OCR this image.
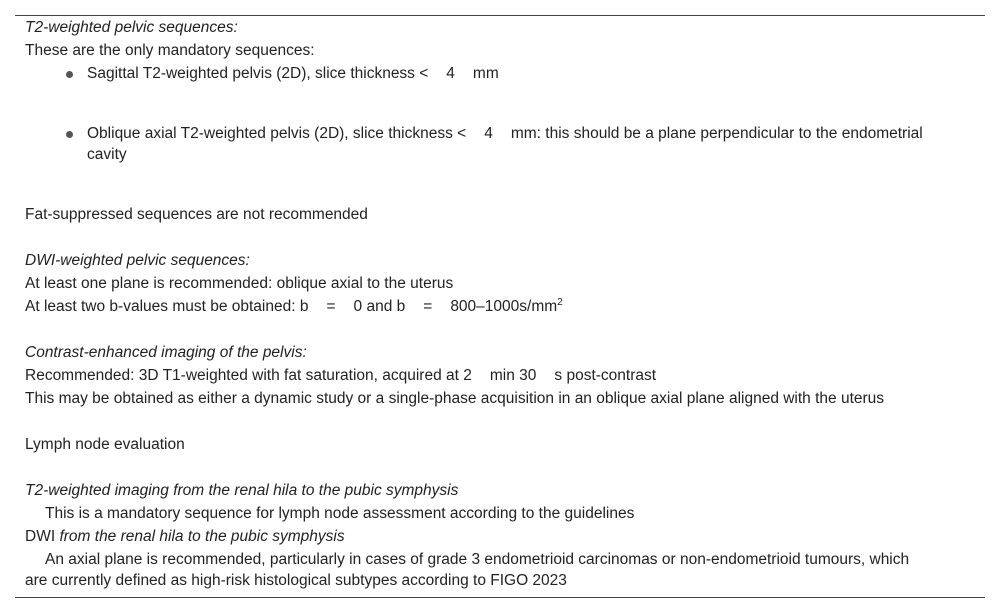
T2-weighted pelvic sequences:
These are the only mandatory sequences:
Sagittal T2-weighted pelvis (2D), slice thickness < 4 mm
Oblique axial T2-weighted pelvis (2D), slice thickness < 4 mm: this should be a plane perpendicular to the endometrial
cavity
Fat-suppressed sequences are not recommended
DWI-weighted pelvic sequences:
At least one plane is recommended: oblique axial to the uterus
At least two b-values must be obtained: b = 0 and $b = 800-1000s/mm^2$
Contrast-enhanced imaging of the pelvis:
Recommended: 3D T1-weighted with fat saturation, acquired at 2 min 30 s post-contrast
This may be obtained as either a dynamic study or a single-phase acquisition in an oblique axial plane aligned with the uterus
Lymph node evaluation
T2-weighted imaging from the renal hila to the pubic symphysis
This is a mandatory sequence for lymph node assessment according to the guidelines
DWI from the renal hila to the pubic symphysis
An axial plane is recommended, particularly in cases of grade 3 endometrioid carcinomas or non-endometrioid tumours, which
are currently defined as high-risk histological subtypes according to FIGO 2023
